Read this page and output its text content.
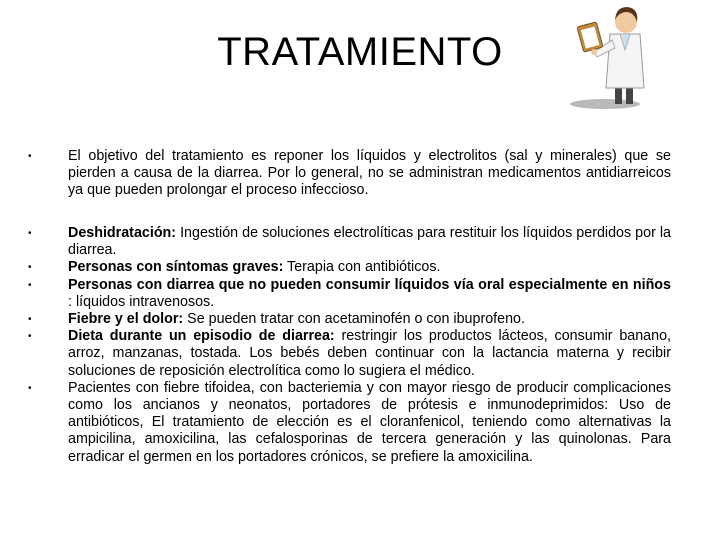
TRATAMIENTO
• El objetivo del tratamiento es reponer los líquidos y electrolitos (sal y minerales) que se pierden a causa de la diarrea. Por lo general, no se administran medicamentos antidiarreicos ya que pueden prolongar el proceso infeccioso.
• Deshidratación: Ingestión de soluciones electrolíticas para restituir los líquidos perdidos por la diarrea.
• Personas con síntomas graves: Terapia con antibióticos.
• Personas con diarrea que no pueden consumir líquidos vía oral especialmente en niños : líquidos intravenosos.
• Fiebre y el dolor: Se pueden tratar con acetaminofén o con ibuprofeno.
• Dieta durante un episodio de diarrea: restringir los productos lácteos, consumir banano, arroz, manzanas, tostada. Los bebés deben continuar con la lactancia materna y recibir soluciones de reposición electrolítica como lo sugiera el médico.
• Pacientes con fiebre tifoidea, con bacteriemia y con mayor riesgo de producir complicaciones como los ancianos y neonatos, portadores de prótesis e inmunodeprimidos: Uso de antibióticos, El tratamiento de elección es el cloranfenicol, teniendo como alternativas la ampicilina, amoxicilina, las cefalosporinas de tercera generación y las quinolonas. Para erradicar el germen en los portadores crónicos, se prefiere la amoxicilina.
